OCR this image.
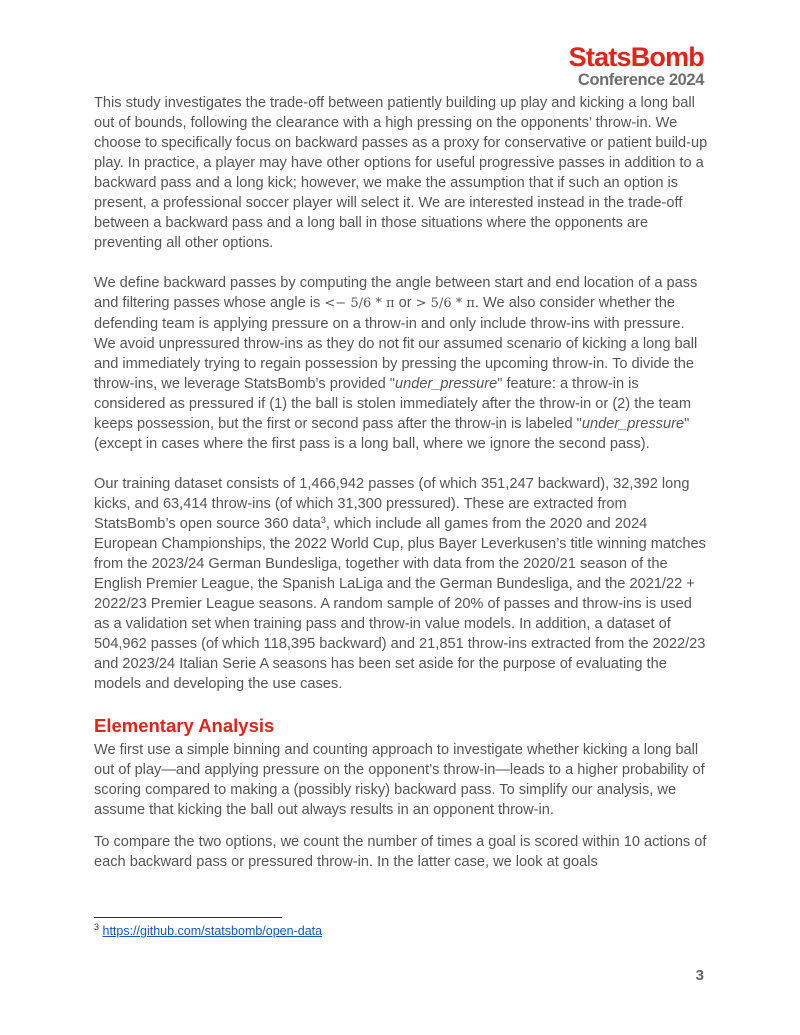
StatsBomb
Conference 2024

This study investigates the trade-off between patiently building up play and kicking a long ball out of bounds, following the clearance with a high pressing on the opponents’ throw-in. We choose to specifically focus on backward passes as a proxy for conservative or patient build-up play. In practice, a player may have other options for useful progressive passes in addition to a backward pass and a long kick; however, we make the assumption that if such an option is present, a professional soccer player will select it. We are interested instead in the trade-off between a backward pass and a long ball in those situations where the opponents are preventing all other options.

We define backward passes by computing the angle between start and end location of a pass and filtering passes whose angle is <− 5/6 * π or > 5/6 * π. We also consider whether the defending team is applying pressure on a throw-in and only include throw-ins with pressure. We avoid unpressured throw-ins as they do not fit our assumed scenario of kicking a long ball and immediately trying to regain possession by pressing the upcoming throw-in. To divide the throw-ins, we leverage StatsBomb’s provided "under_pressure" feature: a throw-in is considered as pressured if (1) the ball is stolen immediately after the throw-in or (2) the team keeps possession, but the first or second pass after the throw-in is labeled "under_pressure" (except in cases where the first pass is a long ball, where we ignore the second pass).

Our training dataset consists of 1,466,942 passes (of which 351,247 backward), 32,392 long kicks, and 63,414 throw-ins (of which 31,300 pressured). These are extracted from StatsBomb’s open source 360 data$^3$, which include all games from the 2020 and 2024 European Championships, the 2022 World Cup, plus Bayer Leverkusen’s title winning matches from the 2023/24 German Bundesliga, together with data from the 2020/21 season of the English Premier League, the Spanish LaLiga and the German Bundesliga, and the 2021/22 + 2022/23 Premier League seasons. A random sample of 20% of passes and throw-ins is used as a validation set when training pass and throw-in value models. In addition, a dataset of 504,962 passes (of which 118,395 backward) and 21,851 throw-ins extracted from the 2022/23 and 2023/24 Italian Serie A seasons has been set aside for the purpose of evaluating the models and developing the use cases.

Elementary Analysis

We first use a simple binning and counting approach to investigate whether kicking a long ball out of play—and applying pressure on the opponent’s throw-in—leads to a higher probability of scoring compared to making a (possibly risky) backward pass. To simplify our analysis, we assume that kicking the ball out always results in an opponent throw-in.

To compare the two options, we count the number of times a goal is scored within 10 actions of each backward pass or pressured throw-in. In the latter case, we look at goals

$^3$ https://github.com/statsbomb/open-data
3
